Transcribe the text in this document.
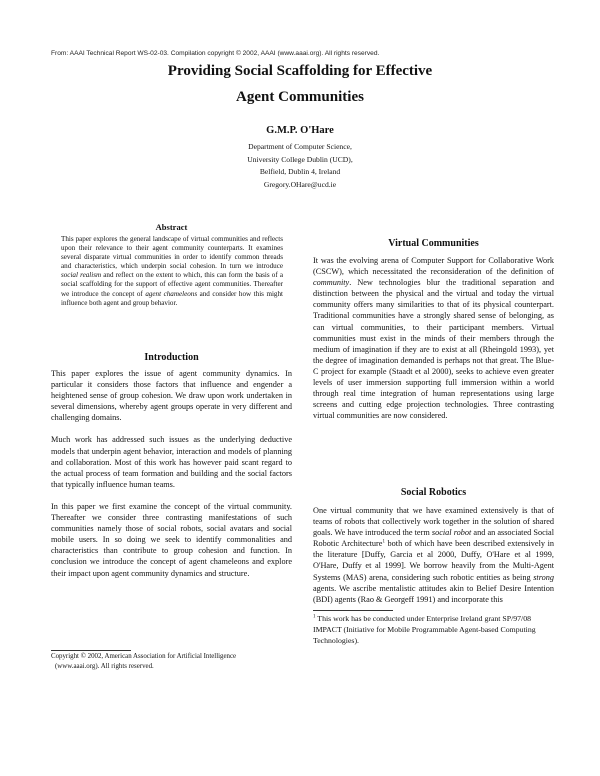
From: AAAI Technical Report WS-02-03. Compilation copyright © 2002, AAAI (www.aaai.org). All rights reserved.
Providing Social Scaffolding for Effective
Agent Communities
G.M.P. O'Hare
Department of Computer Science,
University College Dublin (UCD),
Belfield, Dublin 4, Ireland
Gregory.OHare@ucd.ie
Abstract
This paper explores the general landscape of virtual communities and reflects upon their relevance to their agent community counterparts. It examines several disparate virtual communities in order to identify common threads and characteristics, which underpin social cohesion. In turn we introduce social realism and reflect on the extent to which, this can form the basis of a social scaffolding for the support of effective agent communities. Thereafter we introduce the concept of agent chameleons and consider how this might influence both agent and group behavior.
Introduction

This paper explores the issue of agent community dynamics. In particular it considers those factors that influence and engender a heightened sense of group cohesion. We draw upon work undertaken in several dimensions, whereby agent groups operate in very different and challenging domains.

Much work has addressed such issues as the underlying deductive models that underpin agent behavior, interaction and models of planning and collaboration. Most of this work has however paid scant regard to the actual process of team formation and building and the social factors that typically influence human teams.

In this paper we first examine the concept of the virtual community. Thereafter we consider three contrasting manifestations of such communities namely those of social robots, social avatars and social mobile users. In so doing we seek to identify commonalities and characteristics than contribute to group cohesion and function. In conclusion we introduce the concept of agent chameleons and explore their impact upon agent community dynamics and structure.

Copyright © 2002, American Association for Artificial Intelligence
(www.aaai.org). All rights reserved.
Virtual Communities
It was the evolving arena of Computer Support for Collaborative Work (CSCW), which necessitated the reconsideration of the definition of community. New technologies blur the traditional separation and distinction between the physical and the virtual and today the virtual community offers many similarities to that of its physical counterpart. Traditional communities have a strongly shared sense of belonging, as can virtual communities, to their participant members. Virtual communities must exist in the minds of their members through the medium of imagination if they are to exist at all (Rheingold 1993), yet the degree of imagination demanded is perhaps not that great. The Blue-C project for example (Staadt et al 2000), seeks to achieve even greater levels of user immersion supporting full immersion within a world through real time integration of human representations using large screens and cutting edge projection technologies. Three contrasting virtual communities are now considered.
Social Robotics
One virtual community that we have examined extensively is that of teams of robots that collectively work together in the solution of shared goals. We have introduced the term social robot and an associated Social Robotic Architecture$^1$ both of which have been described extensively in the literature [Duffy, Garcia et al 2000, Duffy, O'Hare et al 1999, O'Hare, Duffy et al 1999]. We borrow heavily from the Multi-Agent Systems (MAS) arena, considering such robotic entities as being strong agents. We ascribe mentalistic attitudes akin to Belief Desire Intention (BDI) agents (Rao & Georgeff 1991) and incorporate this
$^1$ This work has be conducted under Enterprise Ireland grant SP/97/08 IMPACT (Initiative for Mobile Programmable Agent-based Computing Technologies).
